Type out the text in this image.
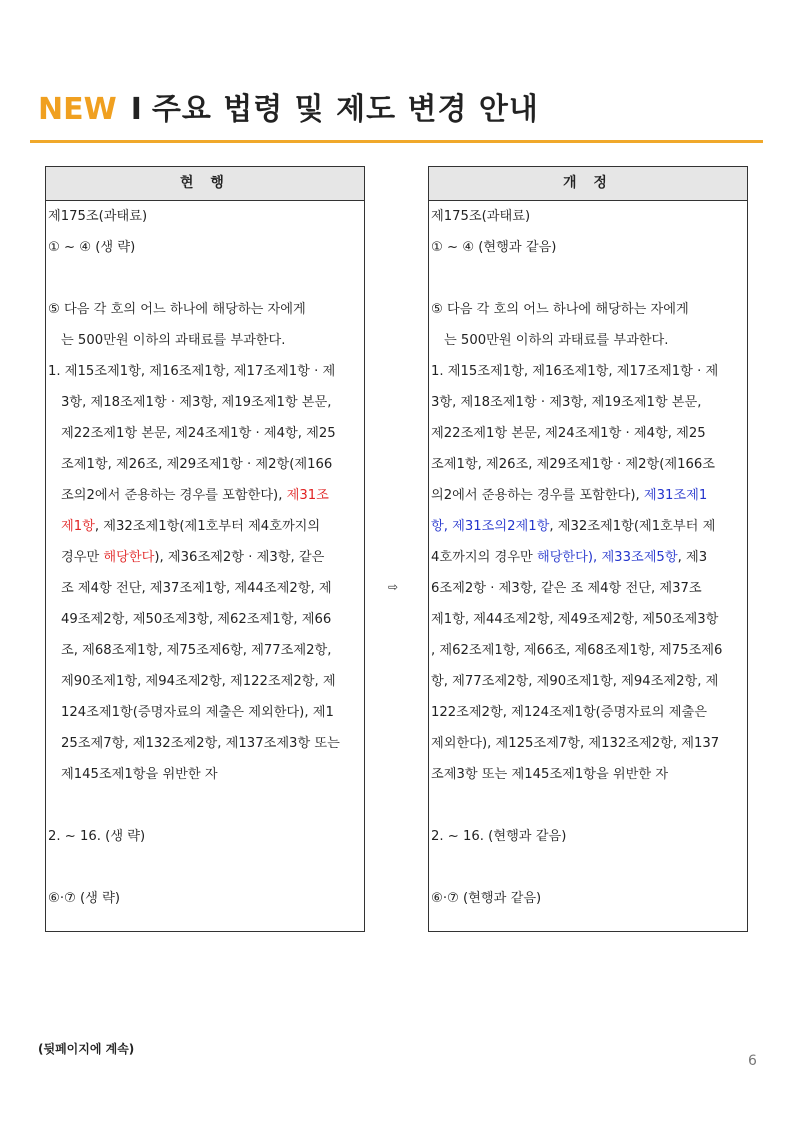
NEW I 주요 법령 및 제도 변경 안내
현 행
제175조(과태료)
① ~ ④ (생 략)
⑤ 다음 각 호의 어느 하나에 해당하는 자에게
는 500만원 이하의 과태료를 부과한다.
1. 제15조제1항, 제16조제1항, 제17조제1항 · 제
3항, 제18조제1항 · 제3항, 제19조제1항 본문,
제22조제1항 본문, 제24조제1항 · 제4항, 제25
조제1항, 제26조, 제29조제1항 · 제2항(제166
조의2에서 준용하는 경우를 포함한다), 제31조
제1항, 제32조제1항(제1호부터 제4호까지의
경우만 해당한다), 제36조제2항 · 제3항, 같은
조 제4항 전단, 제37조제1항, 제44조제2항, 제
49조제2항, 제50조제3항, 제62조제1항, 제66
조, 제68조제1항, 제75조제6항, 제77조제2항,
제90조제1항, 제94조제2항, 제122조제2항, 제
124조제1항(증명자료의 제출은 제외한다), 제1
25조제7항, 제132조제2항, 제137조제3항 또는
제145조제1항을 위반한 자
2. ~ 16. (생 략)
⑥·⑦ (생 략)
⇨
개 정
제175조(과태료)
① ~ ④ (현행과 같음)
⑤ 다음 각 호의 어느 하나에 해당하는 자에게
는 500만원 이하의 과태료를 부과한다.
1. 제15조제1항, 제16조제1항, 제17조제1항 · 제
3항, 제18조제1항 · 제3항, 제19조제1항 본문,
제22조제1항 본문, 제24조제1항 · 제4항, 제25
조제1항, 제26조, 제29조제1항 · 제2항(제166조
의2에서 준용하는 경우를 포함한다), 제31조제1
항, 제31조의2제1항, 제32조제1항(제1호부터 제
4호까지의 경우만 해당한다), 제33조제5항, 제3
6조제2항 · 제3항, 같은 조 제4항 전단, 제37조
제1항, 제44조제2항, 제49조제2항, 제50조제3항
, 제62조제1항, 제66조, 제68조제1항, 제75조제6
항, 제77조제2항, 제90조제1항, 제94조제2항, 제
122조제2항, 제124조제1항(증명자료의 제출은
제외한다), 제125조제7항, 제132조제2항, 제137
조제3항 또는 제145조제1항을 위반한 자
2. ~ 16. (현행과 같음)
⑥·⑦ (현행과 같음)
(뒷페이지에 계속)
6
